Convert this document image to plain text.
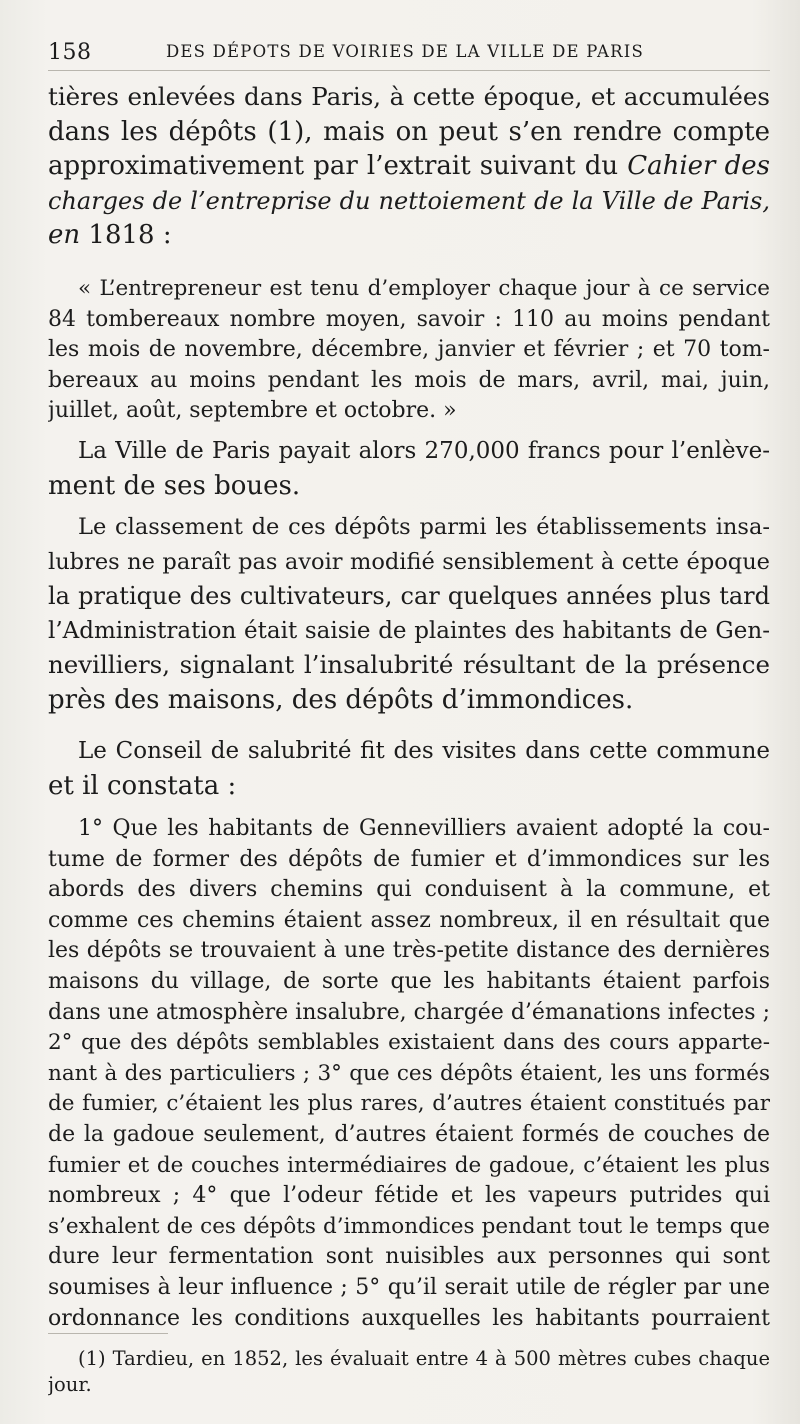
158	DES DÉPOTS DE VOIRIES DE LA VILLE DE PARIS
tières enlevées dans Paris, à cette époque, et accumulées
dans les dépôts (1), mais on peut s’en rendre compte
approximativement par l’extrait suivant du Cahier des
charges de l’entreprise du nettoiement de la Ville de Paris,
en 1818 :
« L’entrepreneur est tenu d’employer chaque jour à ce service
84 tombereaux nombre moyen, savoir : 110 au moins pendant
les mois de novembre, décembre, janvier et février ; et 70 tom-
bereaux au moins pendant les mois de mars, avril, mai, juin,
juillet, août, septembre et octobre. »
La Ville de Paris payait alors 270,000 francs pour l’enlève-
ment de ses boues.
Le classement de ces dépôts parmi les établissements insa-
lubres ne paraît pas avoir modifié sensiblement à cette époque
la pratique des cultivateurs, car quelques années plus tard
l’Administration était saisie de plaintes des habitants de Gen-
nevilliers, signalant l’insalubrité résultant de la présence
près des maisons, des dépôts d’immondices.
Le Conseil de salubrité fit des visites dans cette commune
et il constata :
1° Que les habitants de Gennevilliers avaient adopté la cou-
tume de former des dépôts de fumier et d’immondices sur les
abords des divers chemins qui conduisent à la commune, et
comme ces chemins étaient assez nombreux, il en résultait que
les dépôts se trouvaient à une très-petite distance des dernières
maisons du village, de sorte que les habitants étaient parfois
dans une atmosphère insalubre, chargée d’émanations infectes ;
2° que des dépôts semblables existaient dans des cours apparte-
nant à des particuliers ; 3° que ces dépôts étaient, les uns formés
de fumier, c’étaient les plus rares, d’autres étaient constitués par
de la gadoue seulement, d’autres étaient formés de couches de
fumier et de couches intermédiaires de gadoue, c’étaient les plus
nombreux ; 4° que l’odeur fétide et les vapeurs putrides qui
s’exhalent de ces dépôts d’immondices pendant tout le temps que
dure leur fermentation sont nuisibles aux personnes qui sont
soumises à leur influence ; 5° qu’il serait utile de régler par une
ordonnance les conditions auxquelles les habitants pourraient
(1) Tardieu, en 1852, les évaluait entre 4 à 500 mètres cubes chaque
jour.
